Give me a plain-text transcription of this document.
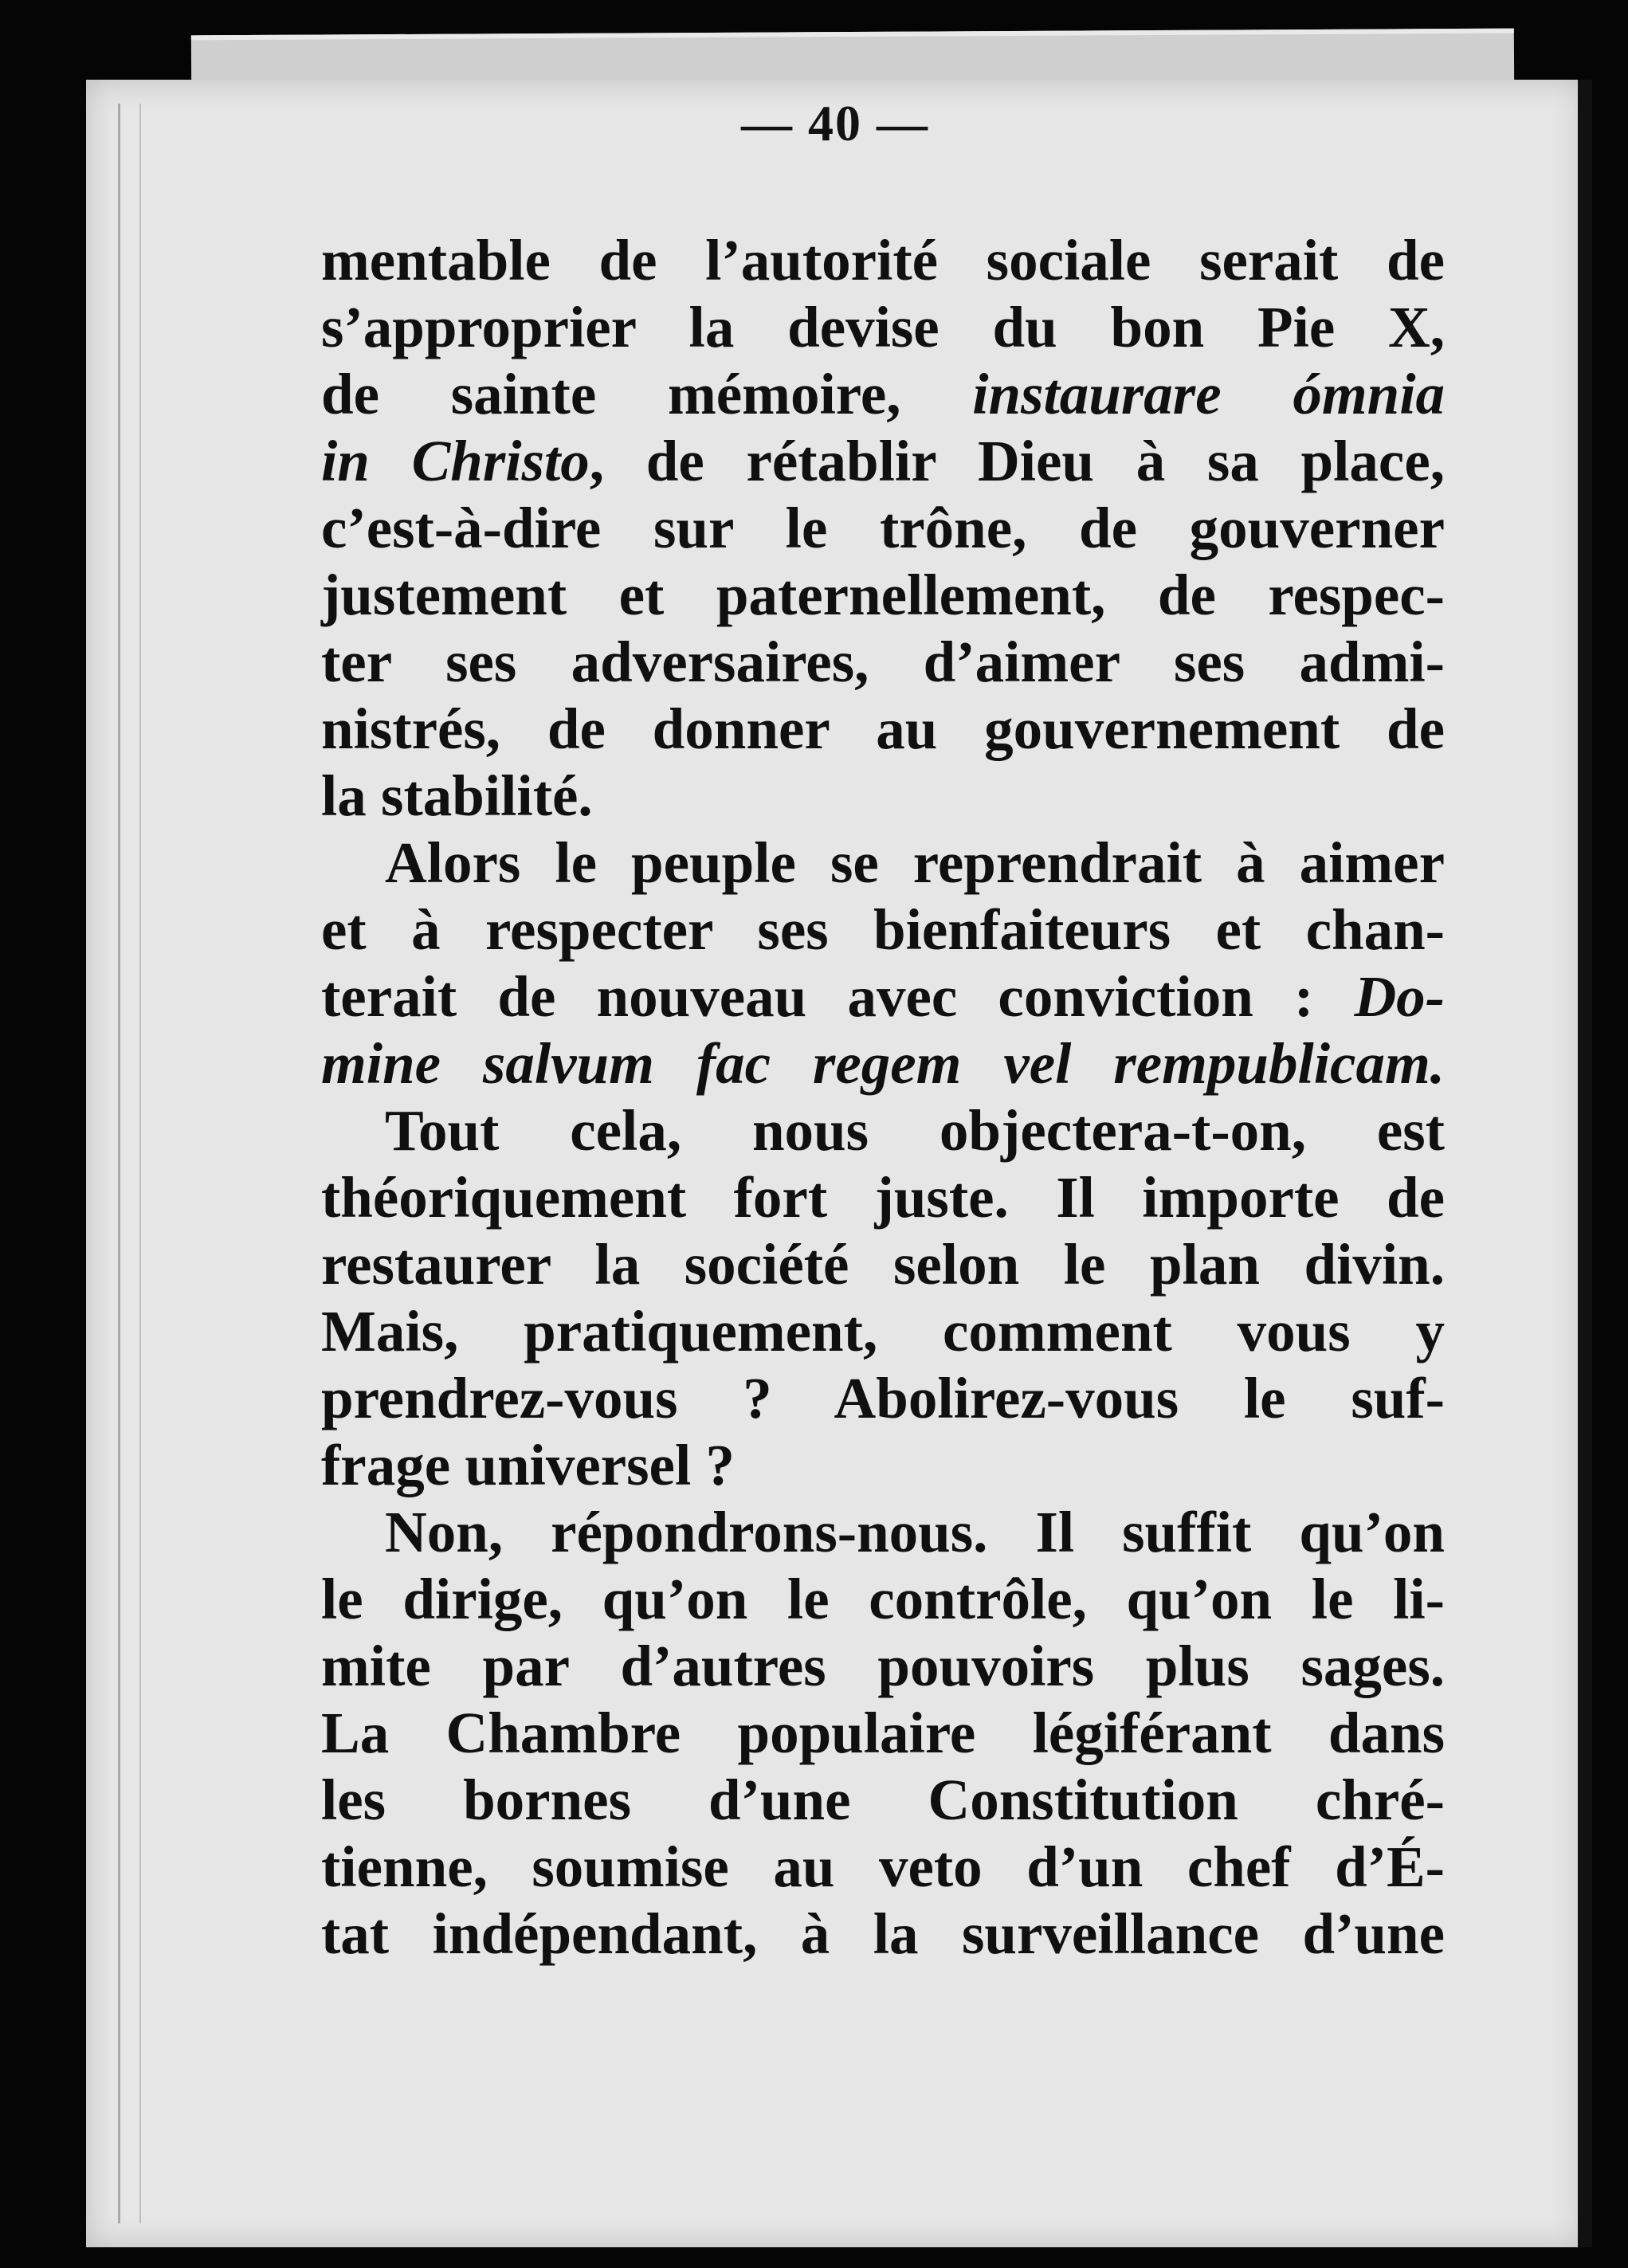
— 40 —
mentable de l’autorité sociale serait de
s’approprier la devise du bon Pie X,
de sainte mémoire, instaurare ómnia
in Christo, de rétablir Dieu à sa place,
c’est-à-dire sur le trône, de gouverner
justement et paternellement, de respec-
ter ses adversaires, d’aimer ses admi-
nistrés, de donner au gouvernement de
la stabilité.
Alors le peuple se reprendrait à aimer
et à respecter ses bienfaiteurs et chan-
terait de nouveau avec conviction : Do-
mine salvum fac regem vel rempublicam.
Tout cela, nous objectera-t-on, est
théoriquement fort juste. Il importe de
restaurer la société selon le plan divin.
Mais, pratiquement, comment vous y
prendrez-vous ? Abolirez-vous le suf-
frage universel ?
Non, répondrons-nous. Il suffit qu’on
le dirige, qu’on le contrôle, qu’on le li-
mite par d’autres pouvoirs plus sages.
La Chambre populaire légiférant dans
les bornes d’une Constitution chré-
tienne, soumise au veto d’un chef d’É-
tat indépendant, à la surveillance d’une
